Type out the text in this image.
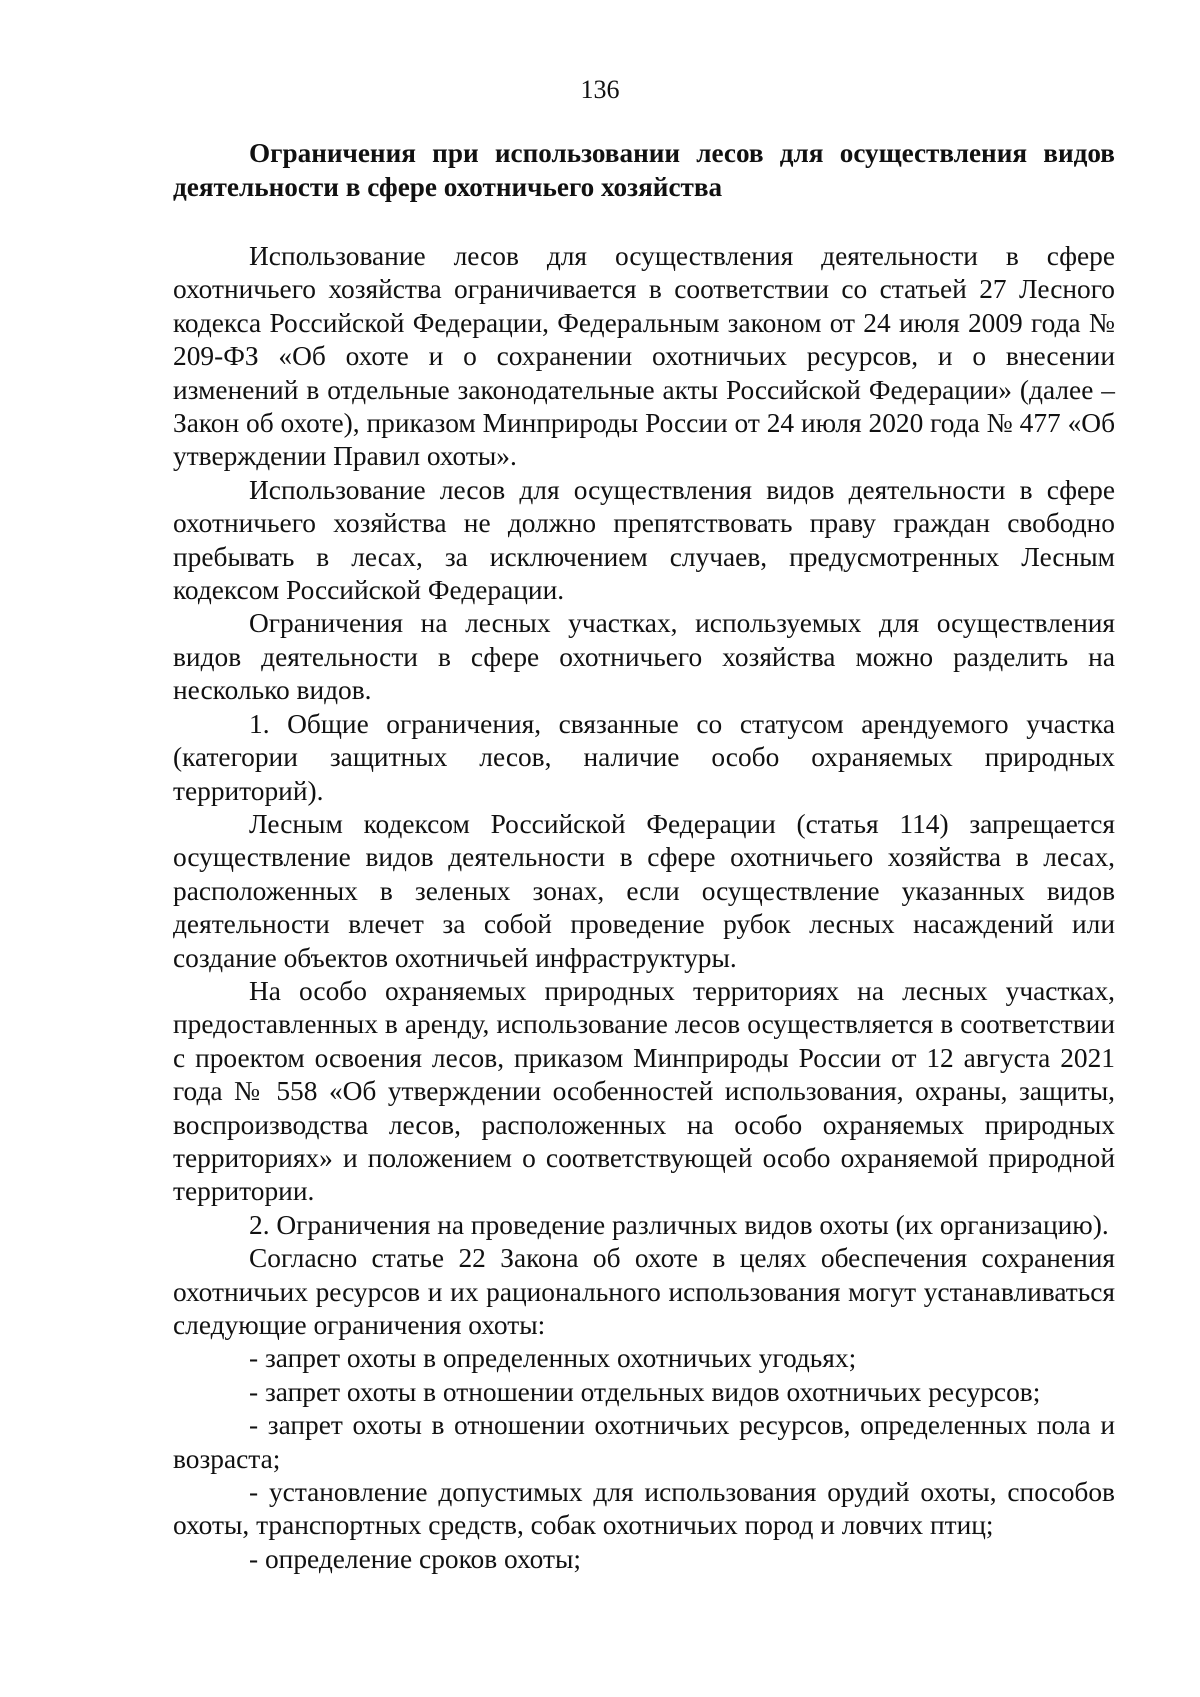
136

Ограничения при использовании лесов для осуществления видов деятельности в сфере охотничьего хозяйства

Использование лесов для осуществления деятельности в сфере охотничьего хозяйства ограничивается в соответствии со статьей 27 Лесного кодекса Российской Федерации, Федеральным законом от 24 июля 2009 года № 209-ФЗ «Об охоте и о сохранении охотничьих ресурсов, и о внесении изменений в отдельные законодательные акты Российской Федерации» (далее – Закон об охоте), приказом Минприроды России от 24 июля 2020 года № 477 «Об утверждении Правил охоты».

Использование лесов для осуществления видов деятельности в сфере охотничьего хозяйства не должно препятствовать праву граждан свободно пребывать в лесах, за исключением случаев, предусмотренных Лесным кодексом Российской Федерации.

Ограничения на лесных участках, используемых для осуществления видов деятельности в сфере охотничьего хозяйства можно разделить на несколько видов.

1. Общие ограничения, связанные со статусом арендуемого участка (категории защитных лесов, наличие особо охраняемых природных территорий).

Лесным кодексом Российской Федерации (статья 114) запрещается осуществление видов деятельности в сфере охотничьего хозяйства в лесах, расположенных в зеленых зонах, если осуществление указанных видов деятельности влечет за собой проведение рубок лесных насаждений или создание объектов охотничьей инфраструктуры.

На особо охраняемых природных территориях на лесных участках, предоставленных в аренду, использование лесов осуществляется в соответствии с проектом освоения лесов, приказом Минприроды России от 12 августа 2021 года № 558 «Об утверждении особенностей использования, охраны, защиты, воспроизводства лесов, расположенных на особо охраняемых природных территориях» и положением о соответствующей особо охраняемой природной территории.

2. Ограничения на проведение различных видов охоты (их организацию).

Согласно статье 22 Закона об охоте в целях обеспечения сохранения охотничьих ресурсов и их рационального использования могут устанавливаться следующие ограничения охоты:

- запрет охоты в определенных охотничьих угодьях;

- запрет охоты в отношении отдельных видов охотничьих ресурсов;

- запрет охоты в отношении охотничьих ресурсов, определенных пола и возраста;

- установление допустимых для использования орудий охоты, способов охоты, транспортных средств, собак охотничьих пород и ловчих птиц;

- определение сроков охоты;
